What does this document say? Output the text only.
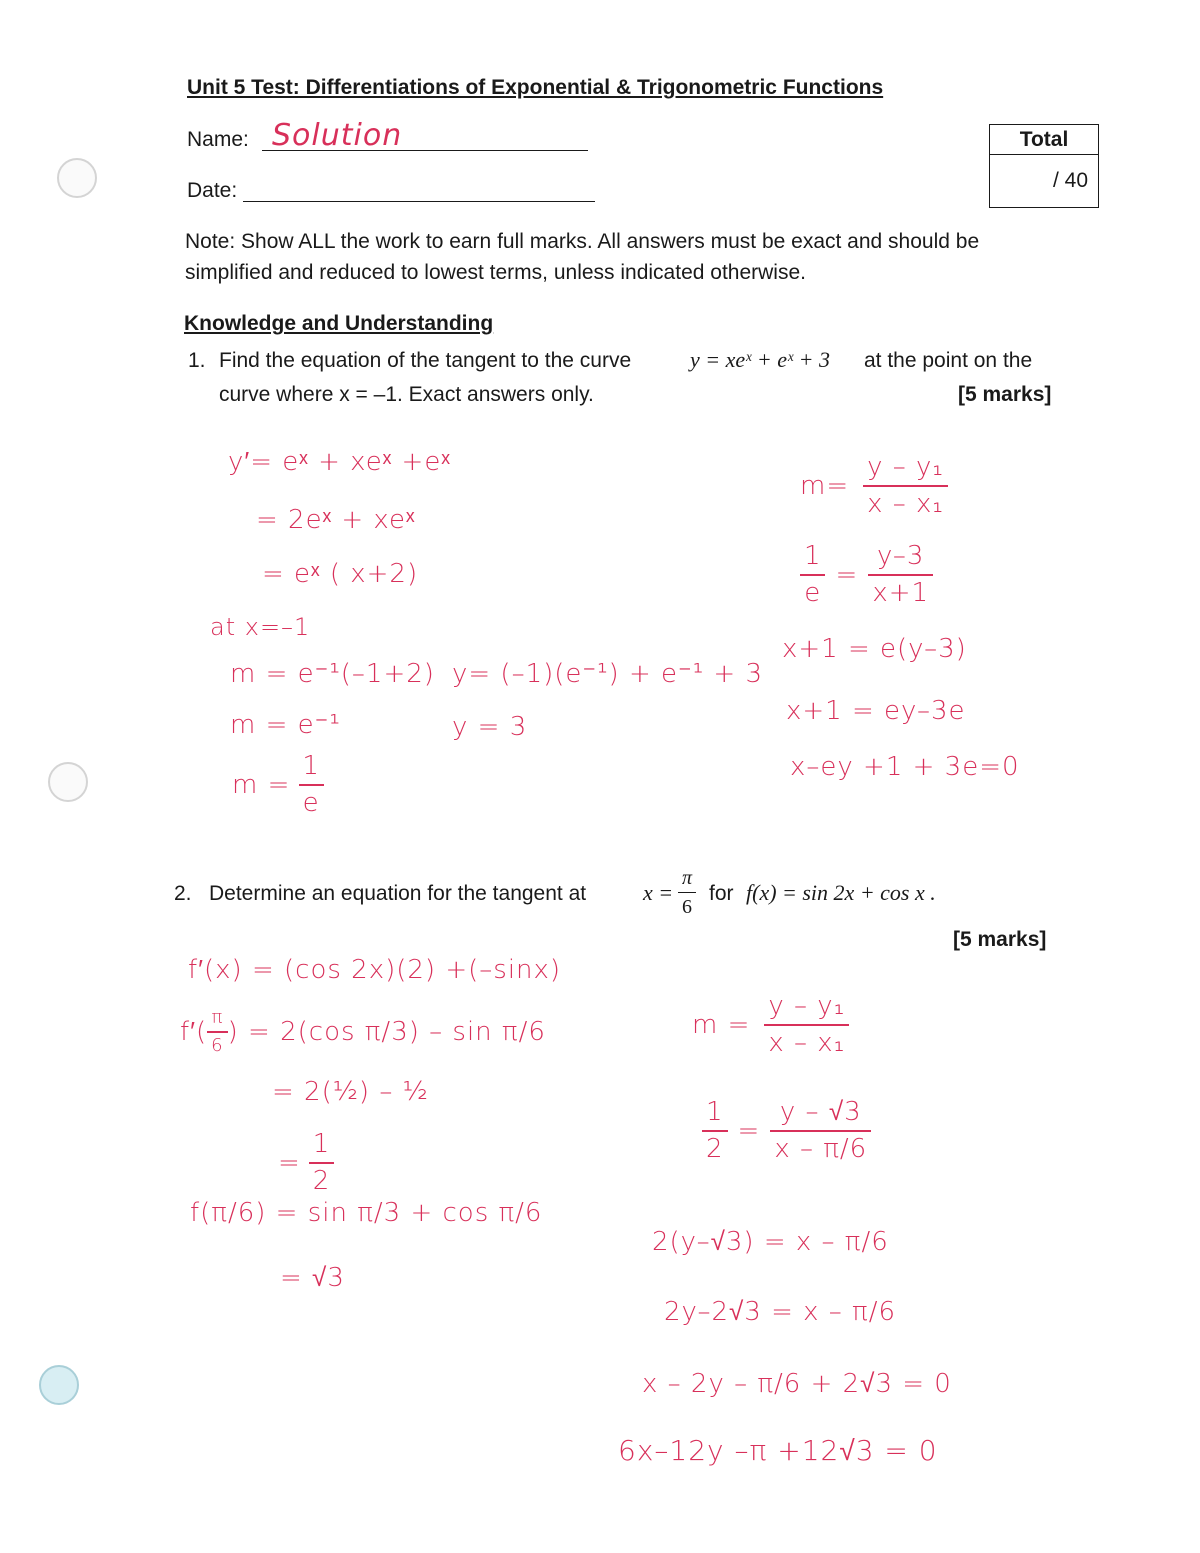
Unit 5 Test: Differentiations of Exponential & Trigonometric Functions
Name: Solution
Date:
Total
/ 40
Note: Show ALL the work to earn full marks. All answers must be exact and should be
simplified and reduced to lowest terms, unless indicated otherwise.
Knowledge and Understanding
1. Find the equation of the tangent to the curve	y = xeˣ + eˣ + 3 at the point on the
curve where x = –1. Exact answers only.	[5 marks]
y′= eˣ + xeˣ +eˣ
= 2eˣ + xeˣ
= eˣ ( x+2)
at x=–1
m = e⁻¹(–1+2)
m = e⁻¹
$m = \frac{1}{e}$
y= (–1)(e⁻¹) + e⁻¹ + 3
y = 3
$m= \frac{\text{y – y₁}}{\text{x – x₁}}$
$\frac{1}{e} = \frac{y-3}{x+1}$
x+1 = e(y–3)
x+1 = ey–3e
x–ey +1 + 3e=0
2. Determine an equation for the tangent at	$x = \frac{\pi}{6}$ for f(x) = sin 2x + cos x .
[5 marks]
f′(x) = (cos 2x)(2) +(–sinx)
$f'( \frac{\pi}{6}$ ) = 2(cos π/3) – sin π/6
= 2(½) – ½
= $\frac{1}{2}$
f(π/6) = sin π/3 + cos π/6
= √3
$m = \frac{\text{y – y₁}}{\text{x – x₁}}$
$\frac{1}{2} = \frac{y - √3}{x - \pi/6}$
2(y–√3) = x – π/6
2y–2√3 = x – π/6
x – 2y – π/6 + 2√3 = 0
6x–12y –π +12√3 = 0
